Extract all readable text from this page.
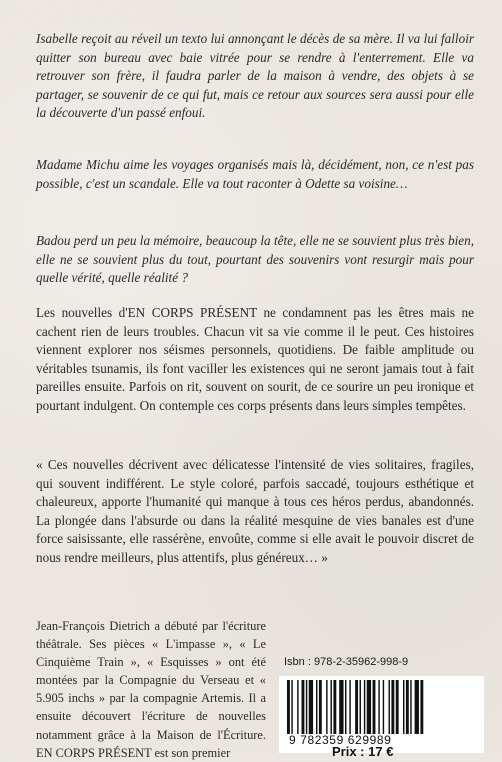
Isabelle reçoit au réveil un texto lui annonçant le décès de sa mère. Il va lui falloir quitter son bureau avec baie vitrée pour se rendre à l'enterrement. Elle va retrouver son frère, il faudra parler de la maison à vendre, des objets à se partager, se souvenir de ce qui fut, mais ce retour aux sources sera aussi pour elle la découverte d'un passé enfoui.

Madame Michu aime les voyages organisés mais là, décidément, non, ce n'est pas possible, c'est un scandale. Elle va tout raconter à Odette sa voisine…

Badou perd un peu la mémoire, beaucoup la tête, elle ne se souvient plus très bien, elle ne se souvient plus du tout, pourtant des souvenirs vont resurgir mais pour quelle vérité, quelle réalité ?

Les nouvelles d'EN CORPS PRÉSENT ne condamnent pas les êtres mais ne cachent rien de leurs troubles. Chacun vit sa vie comme il le peut. Ces histoires viennent explorer nos séismes personnels, quotidiens. De faible amplitude ou véritables tsunamis, ils font vaciller les existences qui ne seront jamais tout à fait pareilles ensuite. Parfois on rit, souvent on sourit, de ce sourire un peu ironique et pourtant indulgent. On contemple ces corps présents dans leurs simples tempêtes.

« Ces nouvelles décrivent avec délicatesse l'intensité de vies solitaires, fragiles, qui souvent indifférent. Le style coloré, parfois saccadé, toujours esthétique et chaleureux, apporte l'humanité qui manque à tous ces héros perdus, abandonnés. La plongée dans l'absurde ou dans la réalité mesquine de vies banales est d'une force saisissante, elle rassérène, envoûte, comme si elle avait le pouvoir discret de nous rendre meilleurs, plus attentifs, plus généreux… »

Jean-François Dietrich a débuté par l'écriture théâtrale. Ses pièces « L'impasse », « Le Cinquième Train », « Esquisses » ont été montées par la Compagnie du Verseau et « 5.905 inchs » par la compagnie Artemis. Il a ensuite découvert l'écriture de nouvelles notamment grâce à la Maison de l'Écriture. EN CORPS PRÉSENT est son premier

Isbn : 978-2-35962-998-9
9 782359 629989
Prix : 17 €
